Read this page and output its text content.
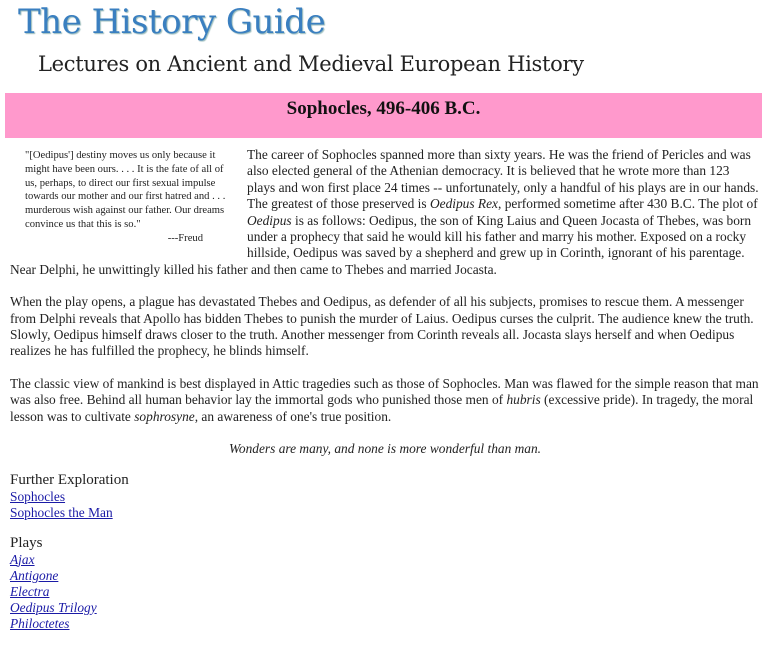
The History Guide
Lectures on Ancient and Medieval European History
Sophocles, 496-406 B.C.
"[Oedipus'] destiny moves us only because it might have been ours. . . . It is the fate of all of us, perhaps, to direct our first sexual impulse towards our mother and our first hatred and . . . murderous wish against our father. Our dreams convince us that this is so."
---Freud

The career of Sophocles spanned more than sixty years. He was the friend of Pericles and was also elected general of the Athenian democracy. It is believed that he wrote more than 123 plays and won first place 24 times -- unfortunately, only a handful of his plays are in our hands. The greatest of those preserved is Oedipus Rex, performed sometime after 430 B.C. The plot of Oedipus is as follows: Oedipus, the son of King Laius and Queen Jocasta of Thebes, was born under a prophecy that said he would kill his father and marry his mother. Exposed on a rocky hillside, Oedipus was saved by a shepherd and grew up in Corinth, ignorant of his parentage. Near Delphi, he unwittingly killed his father and then came to Thebes and married Jocasta.

When the play opens, a plague has devastated Thebes and Oedipus, as defender of all his subjects, promises to rescue them. A messenger from Delphi reveals that Apollo has bidden Thebes to punish the murder of Laius. Oedipus curses the culprit. The audience knew the truth. Slowly, Oedipus himself draws closer to the truth. Another messenger from Corinth reveals all. Jocasta slays herself and when Oedipus realizes he has fulfilled the prophecy, he blinds himself.

The classic view of mankind is best displayed in Attic tragedies such as those of Sophocles. Man was flawed for the simple reason that man was also free. Behind all human behavior lay the immortal gods who punished those men of hubris (excessive pride). In tragedy, the moral lesson was to cultivate sophrosyne, an awareness of one's true position.

Wonders are many, and none is more wonderful than man.
Further Exploration
Sophocles
Sophocles the Man
Plays
Ajax
Antigone
Electra
Oedipus Trilogy
Philoctetes
